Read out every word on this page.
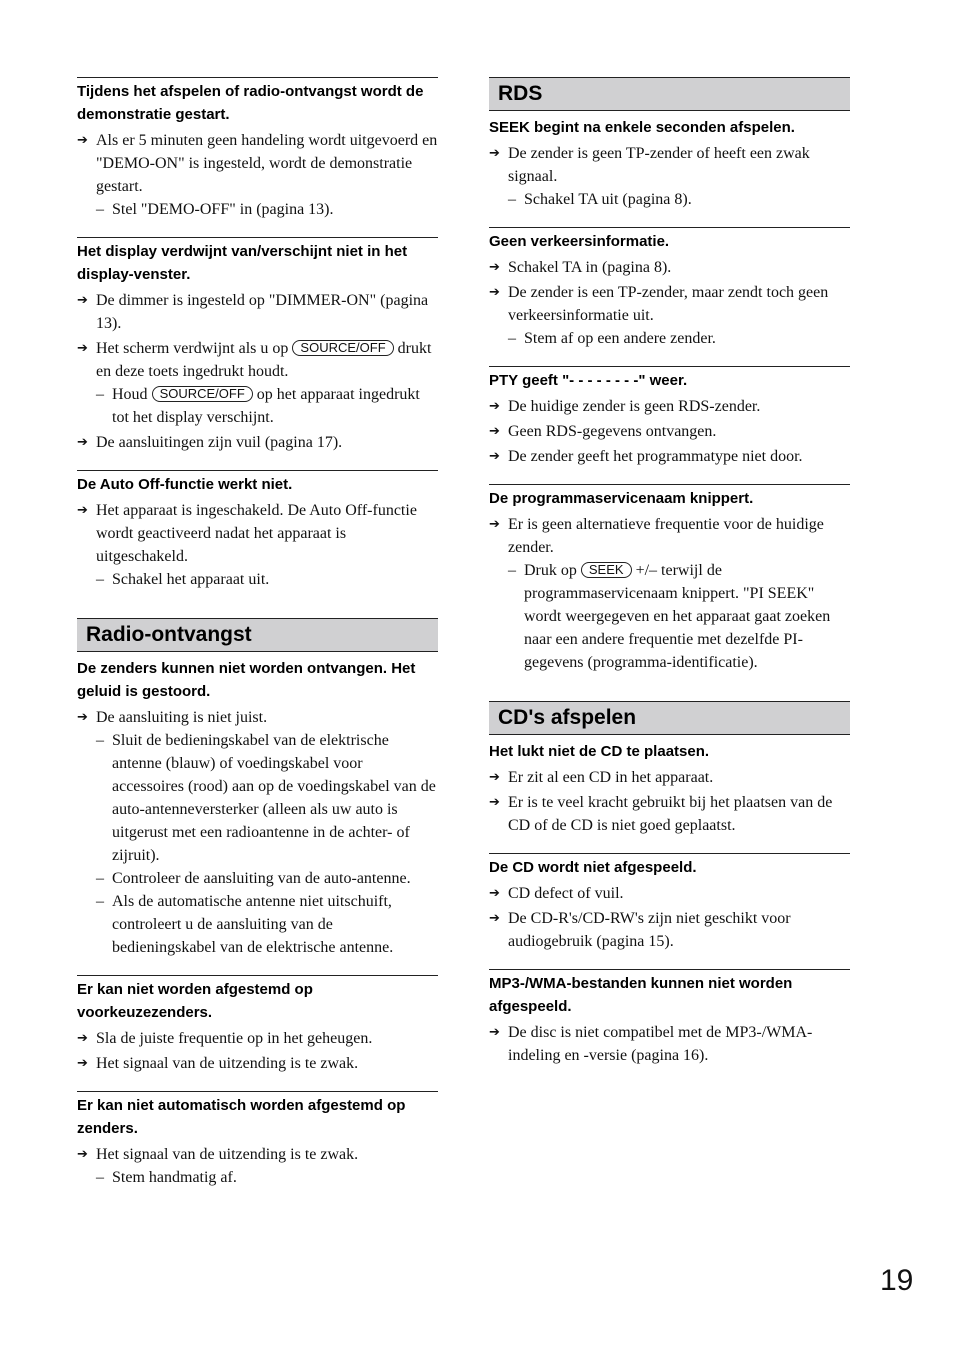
Tijdens het afspelen of radio-ontvangst wordt de demonstratie gestart.
➔ Als er 5 minuten geen handeling wordt uitgevoerd en "DEMO-ON" is ingesteld, wordt de demonstratie gestart.
– Stel "DEMO-OFF" in (pagina 13).
Het display verdwijnt van/verschijnt niet in het display-venster.
➔ De dimmer is ingesteld op "DIMMER-ON" (pagina 13).
➔ Het scherm verdwijnt als u op SOURCE/OFF drukt en deze toets ingedrukt houdt.
– Houd SOURCE/OFF op het apparaat ingedrukt tot het display verschijnt.
➔ De aansluitingen zijn vuil (pagina 17).
De Auto Off-functie werkt niet.
➔ Het apparaat is ingeschakeld. De Auto Off-functie wordt geactiveerd nadat het apparaat is uitgeschakeld.
– Schakel het apparaat uit.
Radio-ontvangst
De zenders kunnen niet worden ontvangen. Het geluid is gestoord.
➔ De aansluiting is niet juist.
– Sluit de bedieningskabel van de elektrische antenne (blauw) of voedingskabel voor accessoires (rood) aan op de voedingskabel van de auto-antenneversterker (alleen als uw auto is uitgerust met een radioantenne in de achter- of zijruit).
– Controleer de aansluiting van de auto-antenne.
– Als de automatische antenne niet uitschuift, controleert u de aansluiting van de bedieningskabel van de elektrische antenne.
Er kan niet worden afgestemd op voorkeuzezenders.
➔ Sla de juiste frequentie op in het geheugen.
➔ Het signaal van de uitzending is te zwak.
Er kan niet automatisch worden afgestemd op zenders.
➔ Het signaal van de uitzending is te zwak.
– Stem handmatig af.
RDS
SEEK begint na enkele seconden afspelen.
➔ De zender is geen TP-zender of heeft een zwak signaal.
– Schakel TA uit (pagina 8).
Geen verkeersinformatie.
➔ Schakel TA in (pagina 8).
➔ De zender is een TP-zender, maar zendt toch geen verkeersinformatie uit.
– Stem af op een andere zender.
PTY geeft "- - - - - - - -" weer.
➔ De huidige zender is geen RDS-zender.
➔ Geen RDS-gegevens ontvangen.
➔ De zender geeft het programmatype niet door.
De programmaservicenaam knippert.
➔ Er is geen alternatieve frequentie voor de huidige zender.
– Druk op SEEK +/– terwijl de programmaservicenaam knippert. "PI SEEK" wordt weergegeven en het apparaat gaat zoeken naar een andere frequentie met dezelfde PI-gegevens (programma-identificatie).
CD's afspelen
Het lukt niet de CD te plaatsen.
➔ Er zit al een CD in het apparaat.
➔ Er is te veel kracht gebruikt bij het plaatsen van de CD of de CD is niet goed geplaatst.
De CD wordt niet afgespeeld.
➔ CD defect of vuil.
➔ De CD-R's/CD-RW's zijn niet geschikt voor audiogebruik (pagina 15).
MP3-/WMA-bestanden kunnen niet worden afgespeeld.
➔ De disc is niet compatibel met de MP3-/WMA-indeling en -versie (pagina 16).
19
